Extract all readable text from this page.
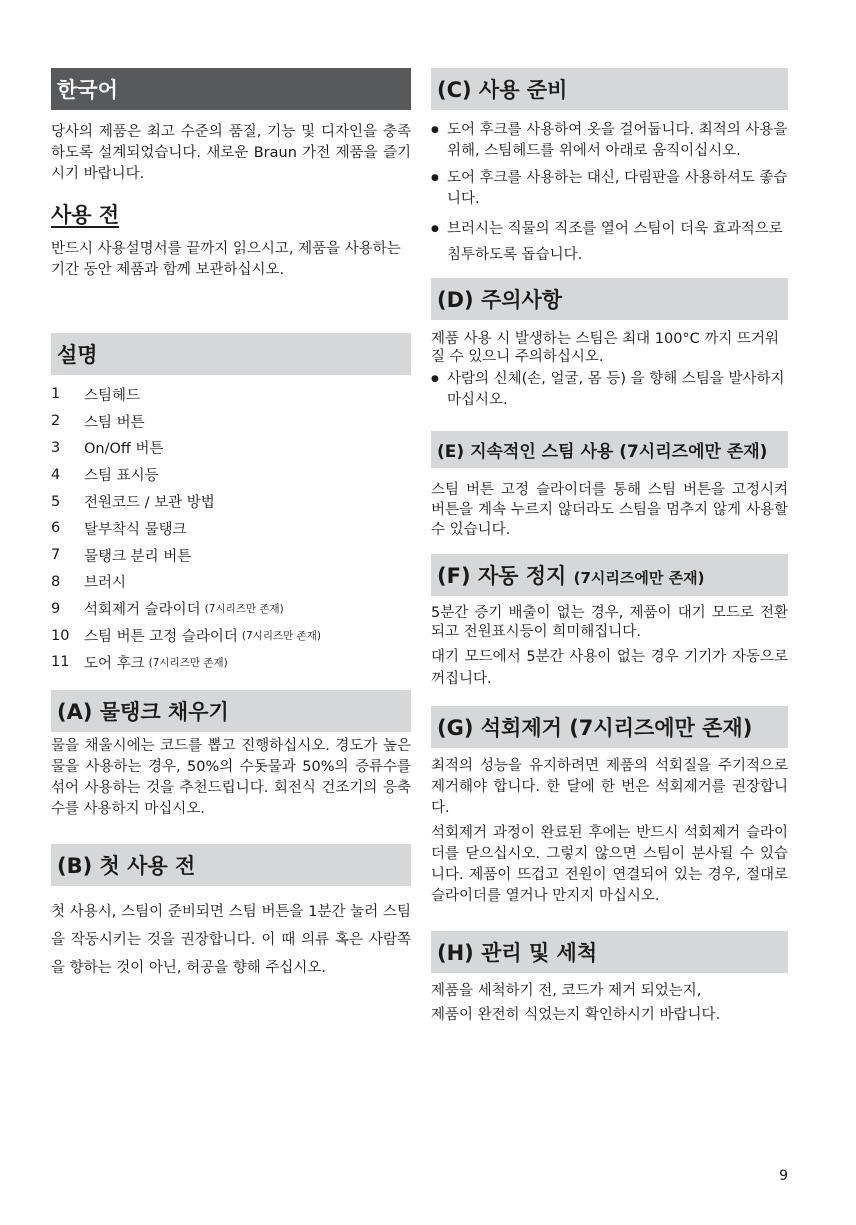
한국어

당사의 제품은 최고 수준의 품질, 기능 및 디자인을 충족하도록 설계되었습니다. 새로운 Braun 가전 제품을 즐기시기 바랍니다.

사용 전

반드시 사용설명서를 끝까지 읽으시고, 제품을 사용하는 기간 동안 제품과 함께 보관하십시오.

설명
1	스팀헤드
2	스팀 버튼
3	On/Off 버튼
4	스팀 표시등
5	전원코드 / 보관 방법
6	탈부착식 물탱크
7	물탱크 분리 버튼
8	브러시
9	석회제거 슬라이더 (7시리즈만 존재)
10	스팀 버튼 고정 슬라이더 (7시리즈만 존재)
11	도어 후크 (7시리즈만 존재)
(A) 물탱크 채우기

물을 채울시에는 코드를 뽑고 진행하십시오. 경도가 높은 물을 사용하는 경우, 50%의 수돗물과 50%의 증류수를 섞어 사용하는 것을 추천드립니다. 회전식 건조기의 응축수를 사용하지 마십시오.

(B) 첫 사용 전

첫 사용시, 스팀이 준비되면 스팀 버튼을 1분간 눌러 스팀을 작동시키는 것을 권장합니다. 이 때 의류 혹은 사람쪽을 향하는 것이 아닌, 허공을 향해 주십시오.

(C) 사용 준비
● 도어 후크를 사용하여 옷을 걸어둡니다. 최적의 사용을 위해, 스팀헤드를 위에서 아래로 움직이십시오.
● 도어 후크를 사용하는 대신, 다림판을 사용하셔도 좋습니다.
● 브러시는 직물의 직조를 열어 스팀이 더욱 효과적으로 침투하도록 돕습니다.
(D) 주의사항

제품 사용 시 발생하는 스팀은 최대 100°C 까지 뜨거워질 수 있으니 주의하십시오.

● 사람의 신체(손, 얼굴, 몸 등) 을 향해 스팀을 발사하지 마십시오.
(E) 지속적인 스팀 사용 (7시리즈에만 존재)

스팀 버튼 고정 슬라이더를 통해 스팀 버튼을 고정시켜 버튼을 계속 누르지 않더라도 스팀을 멈추지 않게 사용할 수 있습니다.

(F) 자동 정지 (7시리즈에만 존재)

5분간 증기 배출이 없는 경우, 제품이 대기 모드로 전환되고 전원표시등이 희미해집니다.

대기 모드에서 5분간 사용이 없는 경우 기기가 자동으로 꺼집니다.

(G) 석회제거 (7시리즈에만 존재)

최적의 성능을 유지하려면 제품의 석회질을 주기적으로 제거해야 합니다. 한 달에 한 번은 석회제거를 권장합니다.

석회제거 과정이 완료된 후에는 반드시 석회제거 슬라이더를 닫으십시오. 그렇지 않으면 스팀이 분사될 수 있습니다. 제품이 뜨겁고 전원이 연결되어 있는 경우, 절대로 슬라이더를 열거나 만지지 마십시오.

(H) 관리 및 세척

제품을 세척하기 전, 코드가 제거 되었는지,

제품이 완전히 식었는지 확인하시기 바랍니다.

9
